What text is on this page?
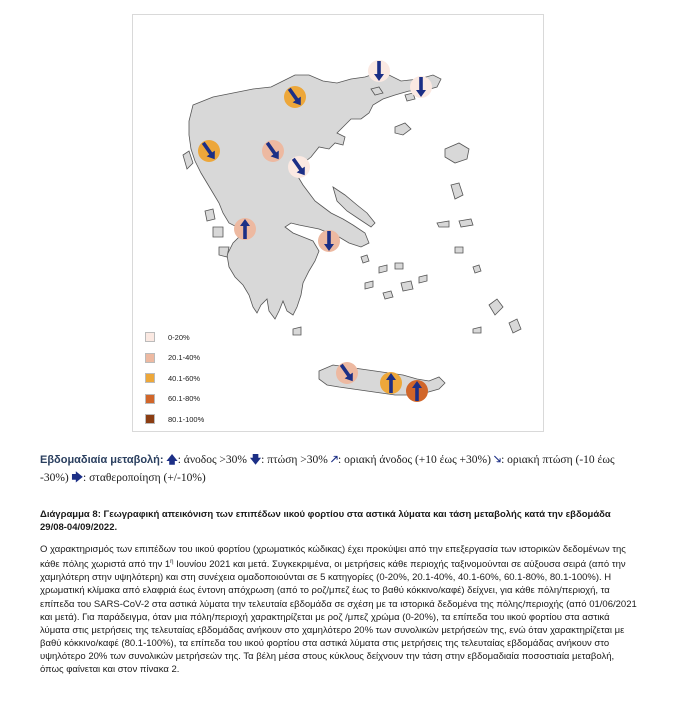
0-20%
20.1-40%
40.1-60%
60.1-80%
80.1-100%
Εβδομαδιαία μεταβολή: 🡅: άνοδος >30% 🡇: πτώση >30% 🡕: οριακή άνοδος (+10 έως +30%) 🡖: οριακή πτώση (-10 έως -30%) 🡆: σταθεροποίηση (+/-10%)
Διάγραμμα 8: Γεωγραφική απεικόνιση των επιπέδων ιικού φορτίου στα αστικά λύματα και τάση μεταβολής κατά την εβδομάδα 29/08-04/09/2022.

Ο χαρακτηρισμός των επιπέδων του ιικού φορτίου (χρωματικός κώδικας) έχει προκύψει από την επεξεργασία των ιστορικών δεδομένων της κάθε πόλης χωριστά από την $1^\eta$ Ιουνίου 2021 και μετά. Συγκεκριμένα, οι μετρήσεις κάθε περιοχής ταξινομούνται σε αύξουσα σειρά (από την χαμηλότερη στην υψηλότερη) και στη συνέχεια ομαδοποιούνται σε 5 κατηγορίες (0-20%, 20.1-40%, 40.1-60%, 60.1-80%, 80.1-100%). Η χρωματική κλίμακα από ελαφριά έως έντονη απόχρωση (από το ροζ/μπεζ έως το βαθύ κόκκινο/καφέ) δείχνει, για κάθε πόλη/περιοχή, τα επίπεδα του SARS-CoV-2 στα αστικά λύματα την τελευταία εβδομάδα σε σχέση με τα ιστορικά δεδομένα της πόλης/περιοχής (από 01/06/2021 και μετά). Για παράδειγμα, όταν μια πόλη/περιοχή χαρακτηρίζεται με ροζ /μπεζ χρώμα (0-20%), τα επίπεδα του ιικού φορτίου στα αστικά λύματα στις μετρήσεις της τελευταίας εβδομάδας ανήκουν στο χαμηλότερο 20% των συνολικών μετρήσεών της, ενώ όταν χαρακτηρίζεται με βαθύ κόκκινο/καφέ (80.1-100%), τα επίπεδα του ιικού φορτίου στα αστικά λύματα στις μετρήσεις της τελευταίας εβδομάδας ανήκουν στο υψηλότερο 20% των συνολικών μετρήσεών της. Τα βέλη μέσα στους κύκλους δείχνουν την τάση στην εβδομαδιαία ποσοστιαία μεταβολή, όπως φαίνεται και στον πίνακα 2.
